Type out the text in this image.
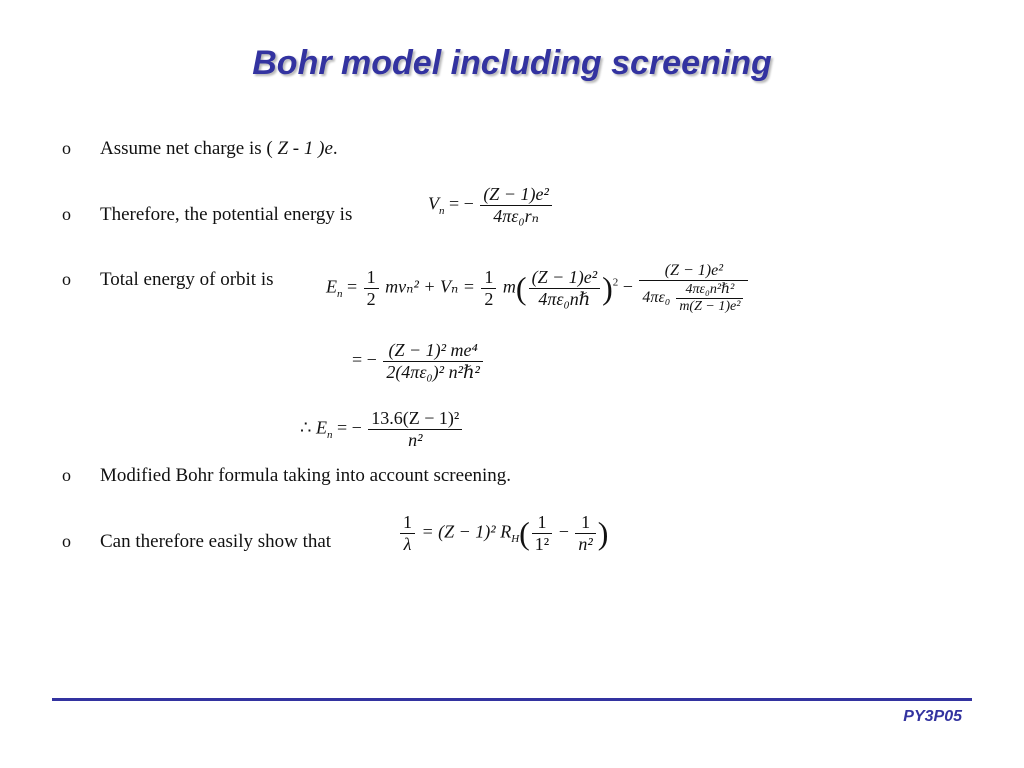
Bohr model including screening
o Assume net charge is ( Z - 1 )e.
o Therefore, the potential energy is
$V_n$ = − $\frac{\text{(Z − 1)e²}}{\text{4πε₀rₙ}}$
o Total energy of orbit is	$E_n = \frac{1}{2} mv_n^2 + V_n = \frac{1}{2} m( \frac{\text{(Z − 1)e²}}{\text{4πε₀nℏ}} )^2 - \frac{\text{(Z − 1)e²}}{4\pi\varepsilon_0 \frac{\text{4πε₀n²ℏ²}}{\text{m(Z − 1)e²}}}$
= − $\frac{\text{(Z − 1)² me⁴}}{\text{2(4πε₀)² n²ℏ²}}$
∴ $E_n$ = − $\frac{\text{13.6(Z − 1)²}}{\text{n²}}$
o Modified Bohr formula taking into account screening.
o Can therefore easily show that	$\frac{1}{\lambda} = (Z - 1)^2$ $R_H( \frac{1}{\text{1²}} - \frac{1}{\text{n²}}$ )
PY3P05
